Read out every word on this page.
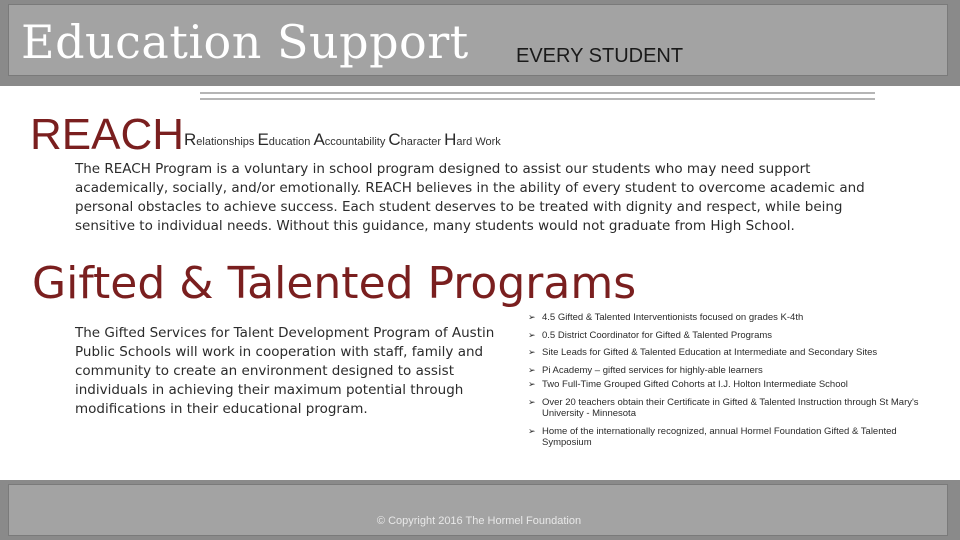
Education Support EVERY STUDENT
REACH Relationships Education Accountability Character Hard Work

The REACH Program is a voluntary in school program designed to assist our students who may need support academically, socially, and/or emotionally. REACH believes in the ability of every student to overcome academic and personal obstacles to achieve success. Each student deserves to be treated with dignity and respect, while being sensitive to individual needs. Without this guidance, many students would not graduate from High School.

Gifted & Talented Programs

The Gifted Services for Talent Development Program of Austin Public Schools will work in cooperation with staff, family and community to create an environment designed to assist individuals in achieving their maximum potential through modifications in their educational program.

➢ 4.5 Gifted & Talented Interventionists focused on grades K-4th
➢ 0.5 District Coordinator for Gifted & Talented Programs
➢ Site Leads for Gifted & Talented Education at Intermediate and Secondary Sites
➢ Pi Academy – gifted services for highly-able learners
➢ Two Full-Time Grouped Gifted Cohorts at I.J. Holton Intermediate School
➢ Over 20 teachers obtain their Certificate in Gifted & Talented Instruction through St Mary's University - Minnesota
➢ Home of the internationally recognized, annual Hormel Foundation Gifted & Talented Symposium
© Copyright 2016 The Hormel Foundation
